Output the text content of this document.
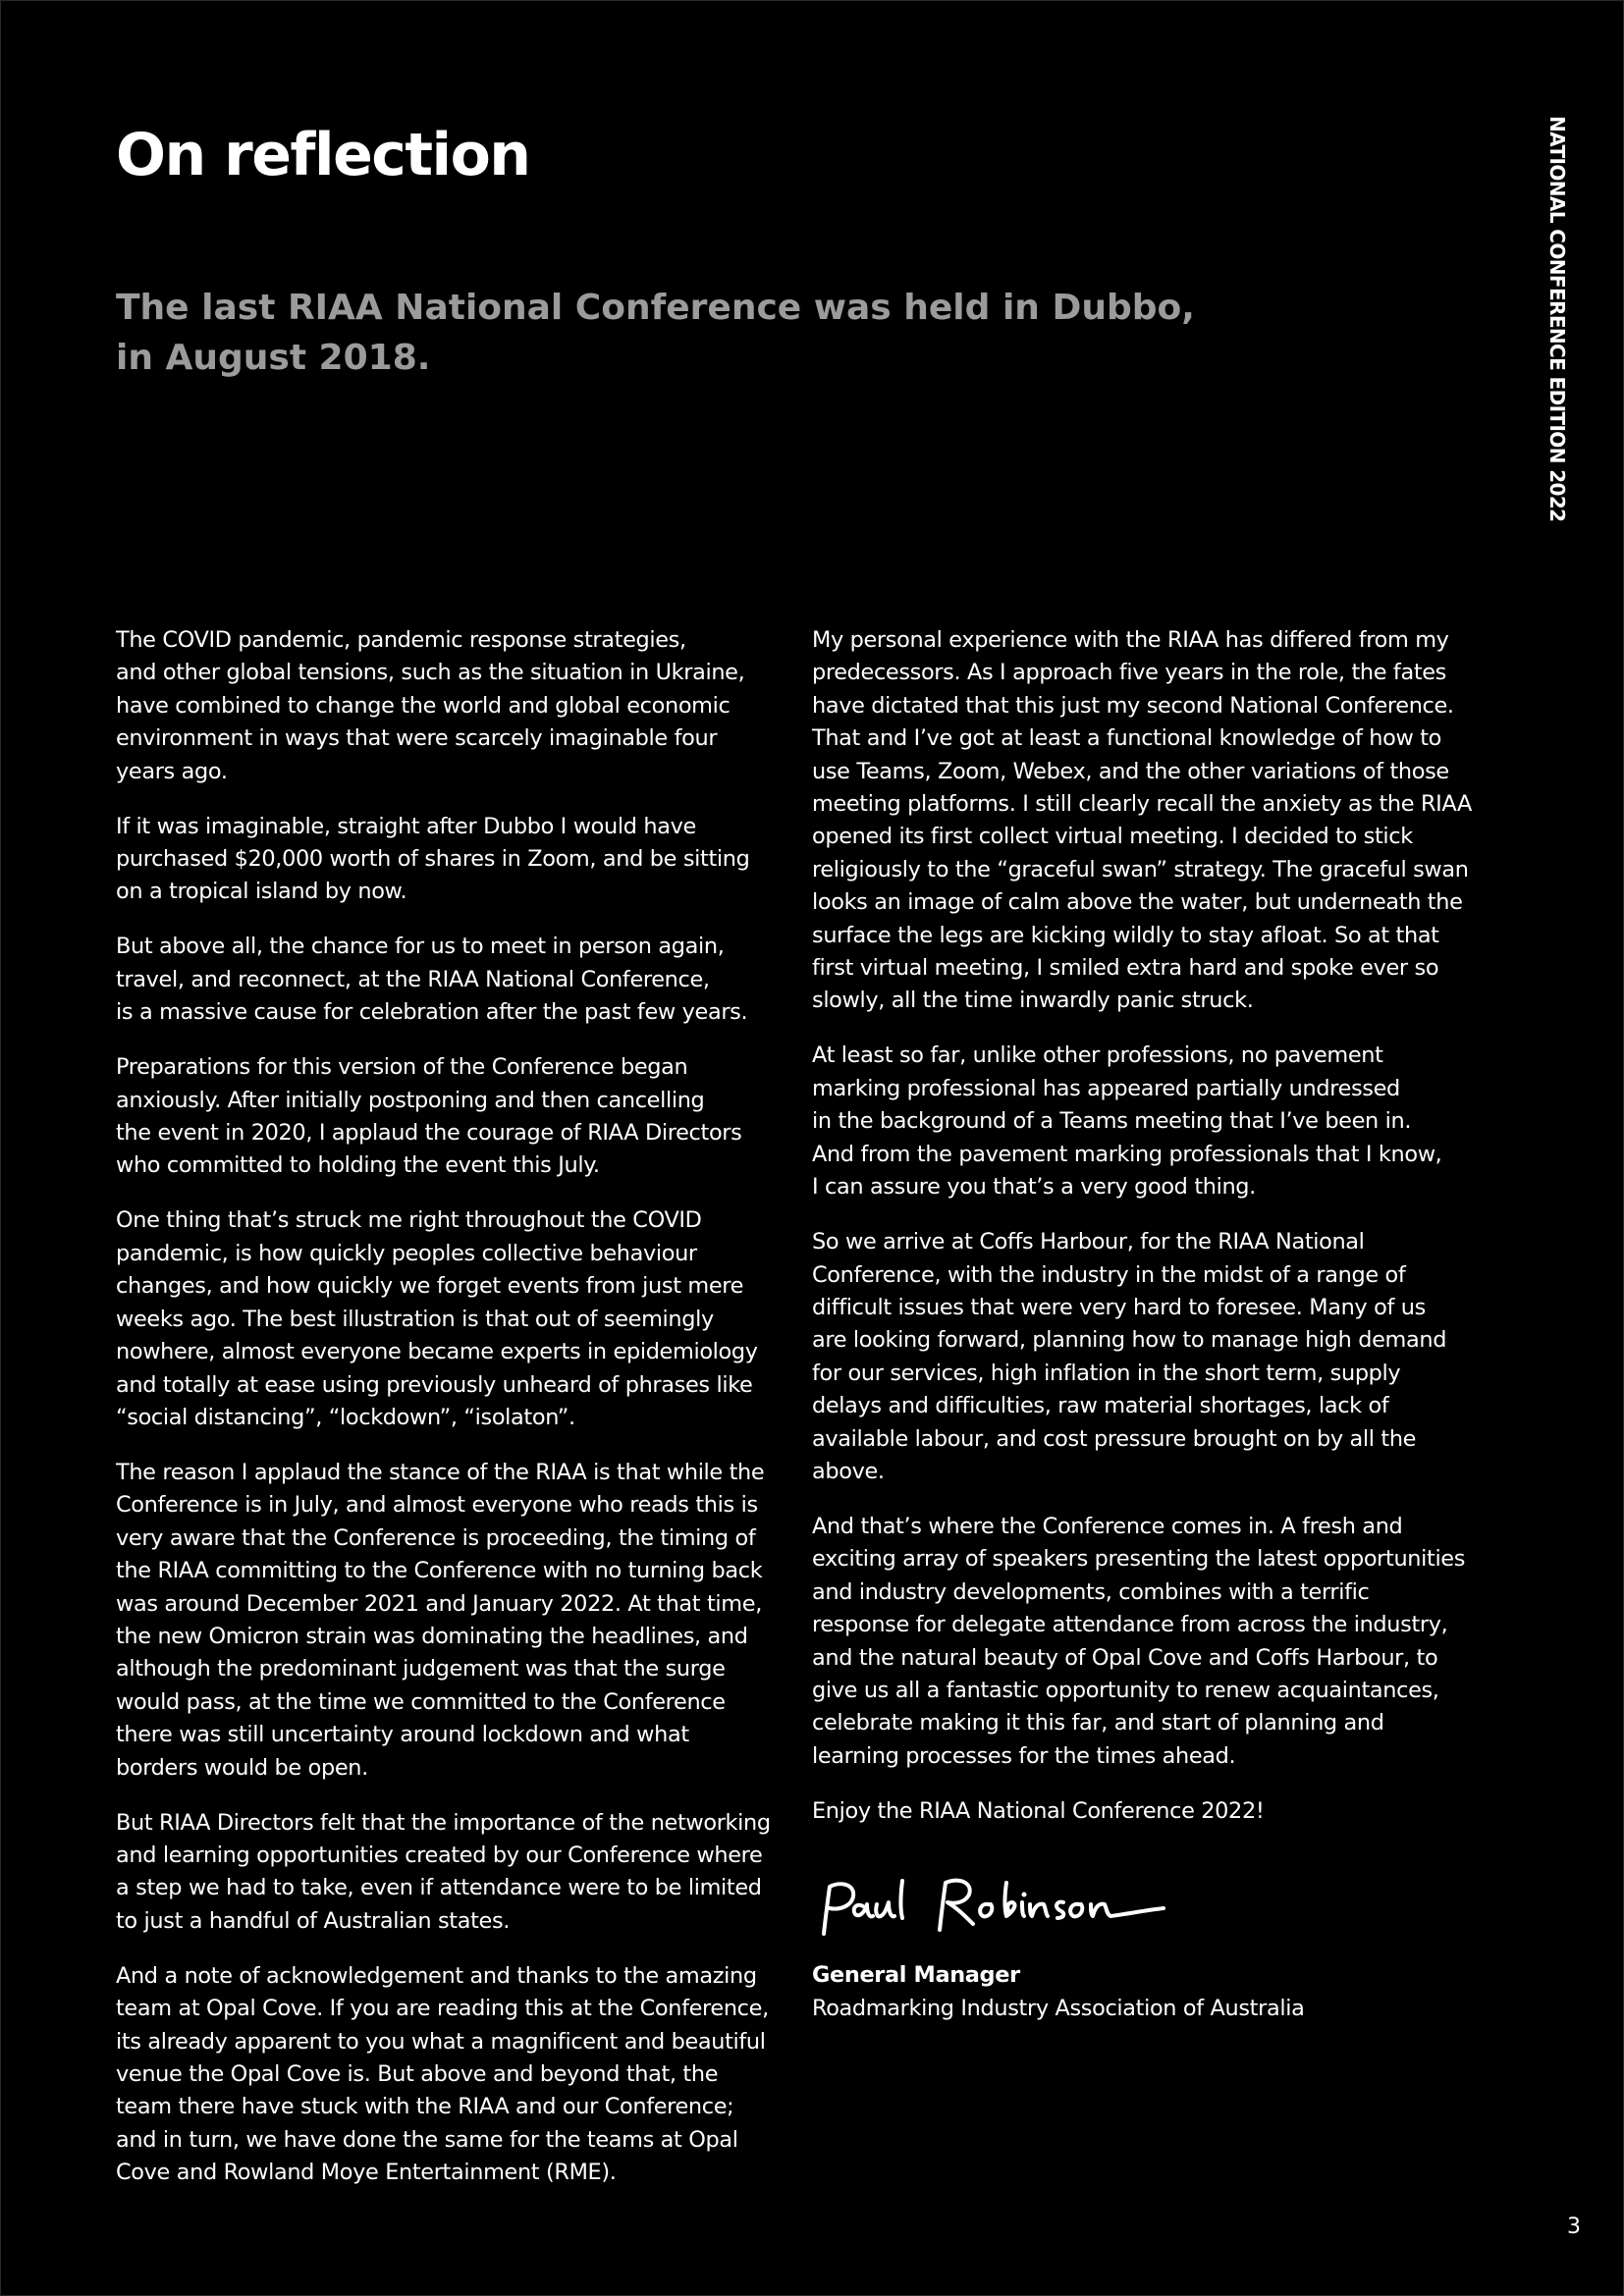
On reflection	NATIONAL CONFERENCE EDITION 2022
The last RIAA National Conference was held in Dubbo,
in August 2018.

The COVID pandemic, pandemic response strategies,
and other global tensions, such as the situation in Ukraine,
have combined to change the world and global economic
environment in ways that were scarcely imaginable four
years ago.

If it was imaginable, straight after Dubbo I would have
purchased $20,000 worth of shares in Zoom, and be sitting
on a tropical island by now.

But above all, the chance for us to meet in person again,
travel, and reconnect, at the RIAA National Conference,
is a massive cause for celebration after the past few years.

Preparations for this version of the Conference began
anxiously. After initially postponing and then cancelling
the event in 2020, I applaud the courage of RIAA Directors
who committed to holding the event this July.

One thing that’s struck me right throughout the COVID
pandemic, is how quickly peoples collective behaviour
changes, and how quickly we forget events from just mere
weeks ago. The best illustration is that out of seemingly
nowhere, almost everyone became experts in epidemiology
and totally at ease using previously unheard of phrases like
“social distancing”, “lockdown”, “isolaton”.

The reason I applaud the stance of the RIAA is that while the
Conference is in July, and almost everyone who reads this is
very aware that the Conference is proceeding, the timing of
the RIAA committing to the Conference with no turning back
was around December 2021 and January 2022. At that time,
the new Omicron strain was dominating the headlines, and
although the predominant judgement was that the surge
would pass, at the time we committed to the Conference
there was still uncertainty around lockdown and what
borders would be open.

But RIAA Directors felt that the importance of the networking
and learning opportunities created by our Conference where
a step we had to take, even if attendance were to be limited
to just a handful of Australian states.

And a note of acknowledgement and thanks to the amazing
team at Opal Cove. If you are reading this at the Conference,
its already apparent to you what a magnificent and beautiful
venue the Opal Cove is. But above and beyond that, the
team there have stuck with the RIAA and our Conference;
and in turn, we have done the same for the teams at Opal
Cove and Rowland Moye Entertainment (RME).

My personal experience with the RIAA has differed from my
predecessors. As I approach five years in the role, the fates
have dictated that this just my second National Conference.
That and I’ve got at least a functional knowledge of how to
use Teams, Zoom, Webex, and the other variations of those
meeting platforms. I still clearly recall the anxiety as the RIAA
opened its first collect virtual meeting. I decided to stick
religiously to the “graceful swan” strategy. The graceful swan
looks an image of calm above the water, but underneath the
surface the legs are kicking wildly to stay afloat. So at that
first virtual meeting, I smiled extra hard and spoke ever so
slowly, all the time inwardly panic struck.

At least so far, unlike other professions, no pavement
marking professional has appeared partially undressed
in the background of a Teams meeting that I’ve been in.
And from the pavement marking professionals that I know,
I can assure you that’s a very good thing.

So we arrive at Coffs Harbour, for the RIAA National
Conference, with the industry in the midst of a range of
difficult issues that were very hard to foresee. Many of us
are looking forward, planning how to manage high demand
for our services, high inflation in the short term, supply
delays and difficulties, raw material shortages, lack of
available labour, and cost pressure brought on by all the
above.

And that’s where the Conference comes in. A fresh and
exciting array of speakers presenting the latest opportunities
and industry developments, combines with a terrific
response for delegate attendance from across the industry,
and the natural beauty of Opal Cove and Coffs Harbour, to
give us all a fantastic opportunity to renew acquaintances,
celebrate making it this far, and start of planning and
learning processes for the times ahead.

Enjoy the RIAA National Conference 2022!

General Manager
Roadmarking Industry Association of Australia
3
